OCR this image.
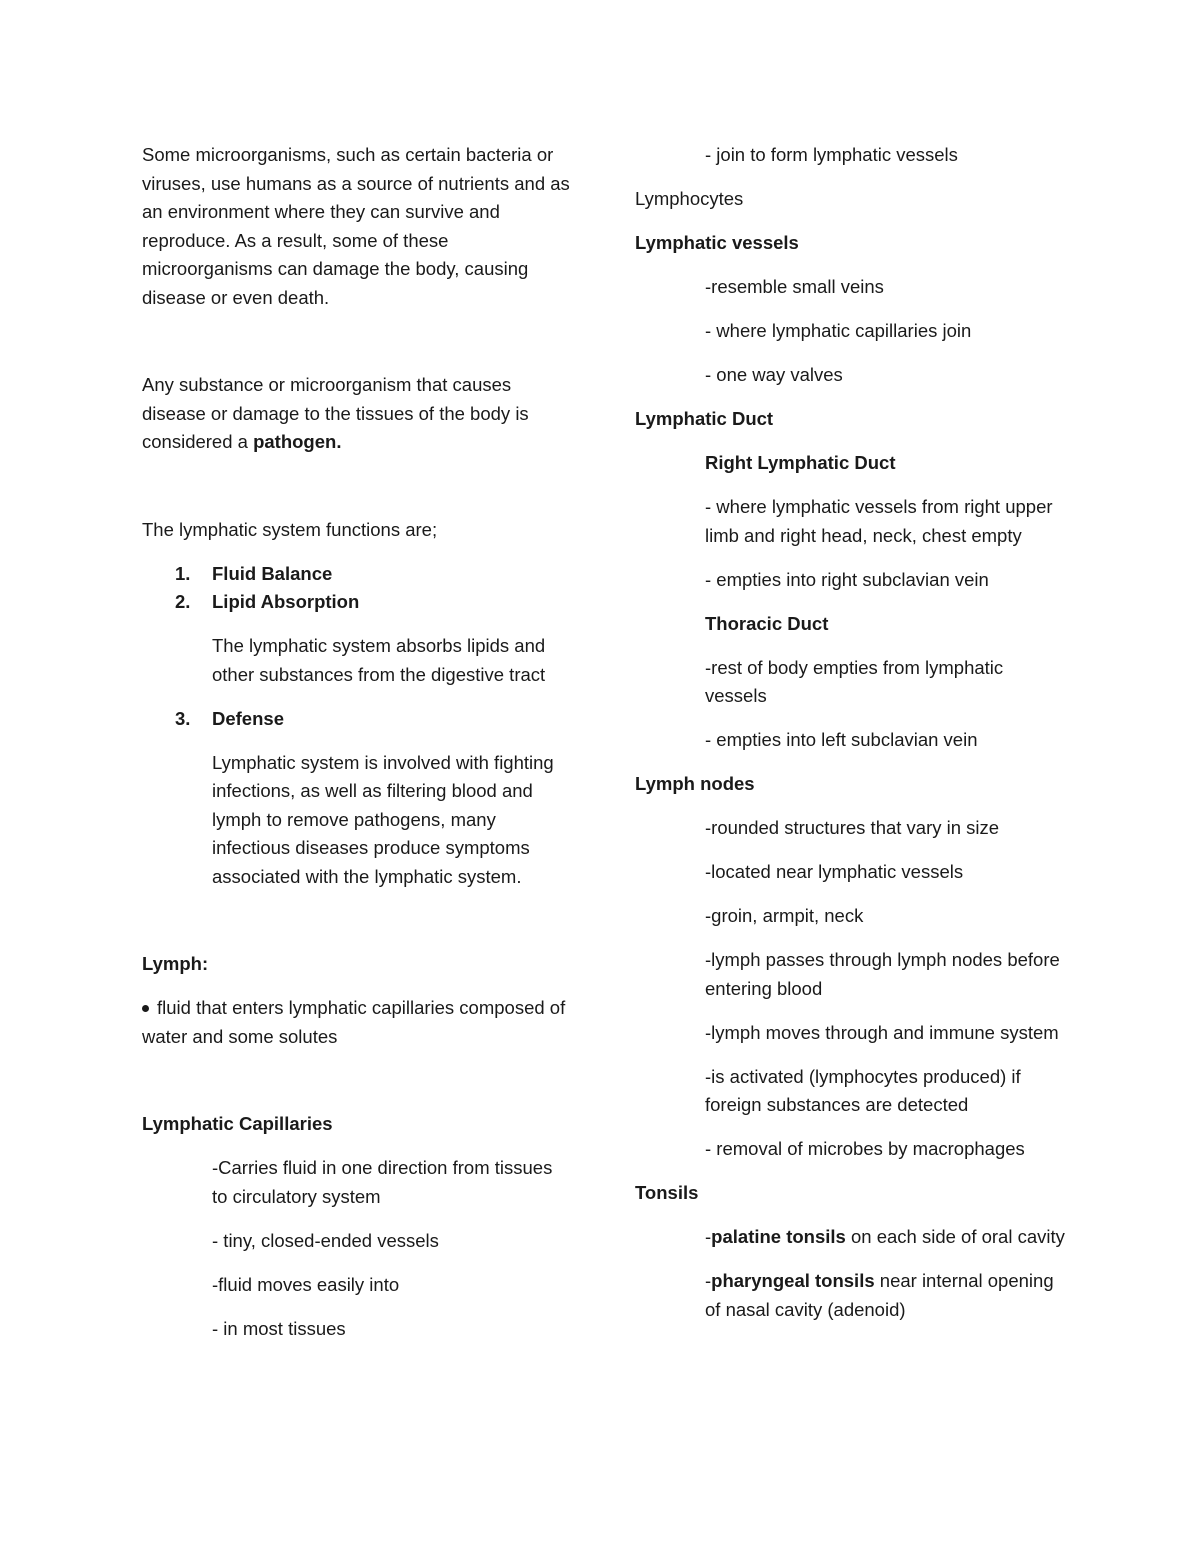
Some microorganisms, such as certain bacteria or viruses, use humans as a source of nutrients and as an environment where they can survive and reproduce. As a result, some of these microorganisms can damage the body, causing disease or even death.

Any substance or microorganism that causes disease or damage to the tissues of the body is considered a pathogen.

The lymphatic system functions are;

1. Fluid Balance
2. Lipid Absorption

The lymphatic system absorbs lipids and other substances from the digestive tract

3. Defense

Lymphatic system is involved with fighting infections, as well as filtering blood and lymph to remove pathogens, many infectious diseases produce symptoms associated with the lymphatic system.

Lymph:

fluid that enters lymphatic capillaries composed of water and some solutes

Lymphatic Capillaries

-Carries fluid in one direction from tissues to circulatory system

- tiny, closed-ended vessels

-fluid moves easily into

- in most tissues

- join to form lymphatic vessels

Lymphocytes

Lymphatic vessels

-resemble small veins

- where lymphatic capillaries join

- one way valves

Lymphatic Duct

Right Lymphatic Duct

- where lymphatic vessels from right upper limb and right head, neck, chest empty

- empties into right subclavian vein

Thoracic Duct

-rest of body empties from lymphatic vessels

- empties into left subclavian vein

Lymph nodes

-rounded structures that vary in size

-located near lymphatic vessels

-groin, armpit, neck

-lymph passes through lymph nodes before entering blood

-lymph moves through and immune system

-is activated (lymphocytes produced) if foreign substances are detected

- removal of microbes by macrophages

Tonsils

-palatine tonsils on each side of oral cavity

-pharyngeal tonsils near internal opening of nasal cavity (adenoid)
